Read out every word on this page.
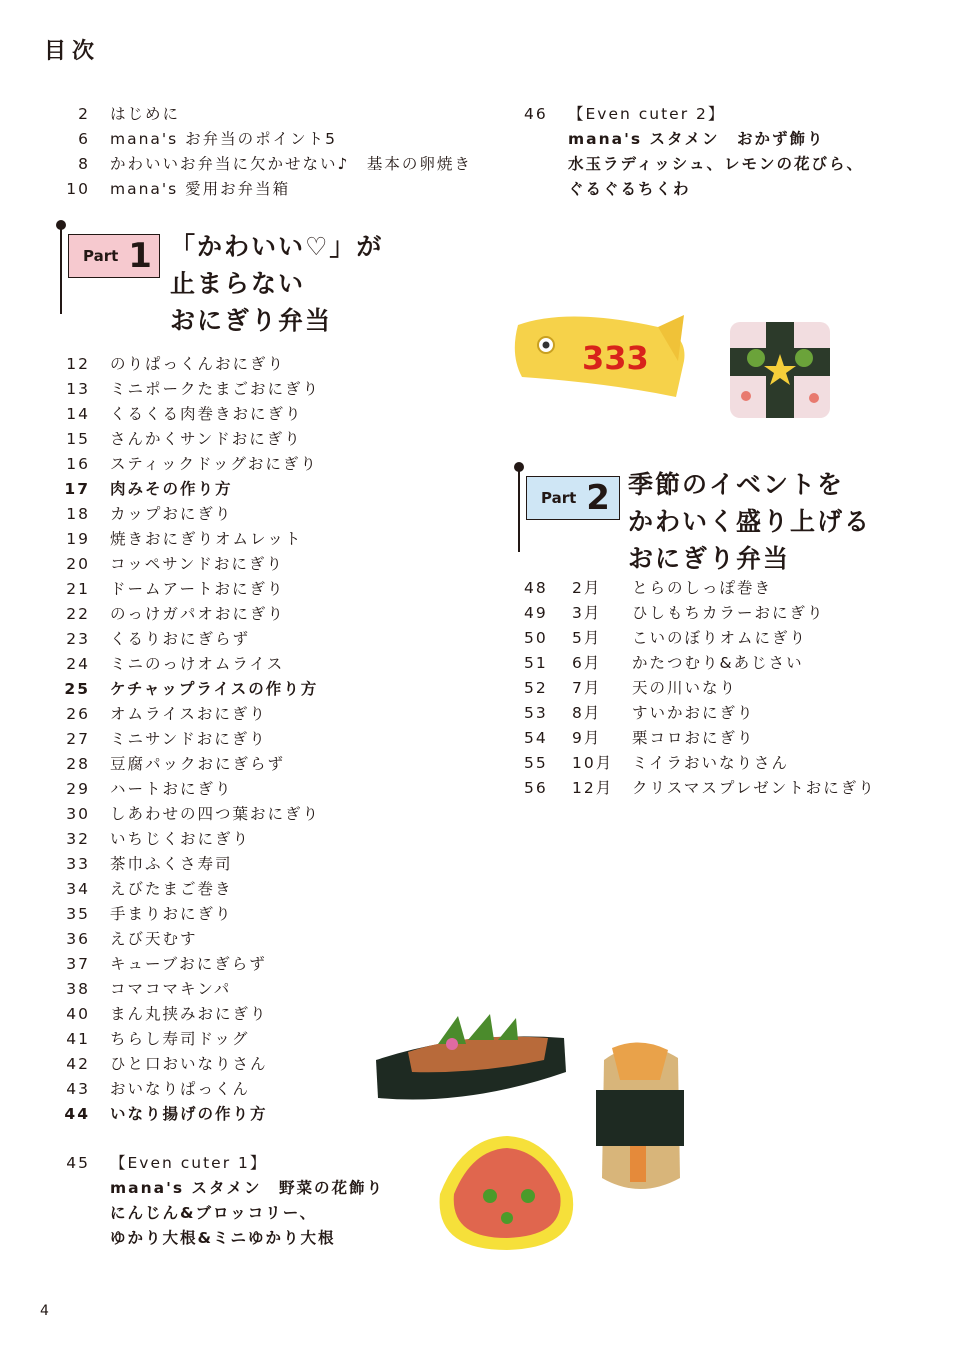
目次
2 はじめに
6 mana's お弁当のポイント5
8 かわいいお弁当に欠かせない♪　基本の卵焼き
10 mana's 愛用お弁当箱
46 【Even cuter 2】
mana's スタメン　おかず飾り
水玉ラディッシュ、レモンの花びら、
ぐるぐるちくわ
Part 1 「かわいい♡」が
止まらない
おにぎり弁当
12 のりぱっくんおにぎり
13 ミニポークたまごおにぎり
14 くるくる肉巻きおにぎり
15 さんかくサンドおにぎり
16 スティックドッグおにぎり
17 肉みその作り方
18 カップおにぎり
19 焼きおにぎりオムレット
20 コッペサンドおにぎり
21 ドームアートおにぎり
22 のっけガパオおにぎり
23 くるりおにぎらず
24 ミニのっけオムライス
25 ケチャップライスの作り方
26 オムライスおにぎり
27 ミニサンドおにぎり
28 豆腐パックおにぎらず
29 ハートおにぎり
30 しあわせの四つ葉おにぎり
32 いちじくおにぎり
33 茶巾ふくさ寿司
34 えびたまご巻き
35 手まりおにぎり
36 えび天むす
37 キューブおにぎらず
38 コマコマキンパ
40 まん丸挟みおにぎり
41 ちらし寿司ドッグ
42 ひと口おいなりさん
43 おいなりぱっくん
44 いなり揚げの作り方
45 【Even cuter 1】
mana's スタメン　野菜の花飾り
にんじん&ブロッコリー、
ゆかり大根&ミニゆかり大根
Part 2 季節のイベントを
かわいく盛り上げる
おにぎり弁当
48 2月 とらのしっぽ巻き
49 3月 ひしもちカラーおにぎり
50 5月 こいのぼりオムにぎり
51 6月 かたつむり&あじさい
52 7月 天の川いなり
53 8月 すいかおにぎり
54 9月 栗コロおにぎり
55 10月 ミイラおいなりさん
56 12月 クリスマスプレゼントおにぎり
333
4
